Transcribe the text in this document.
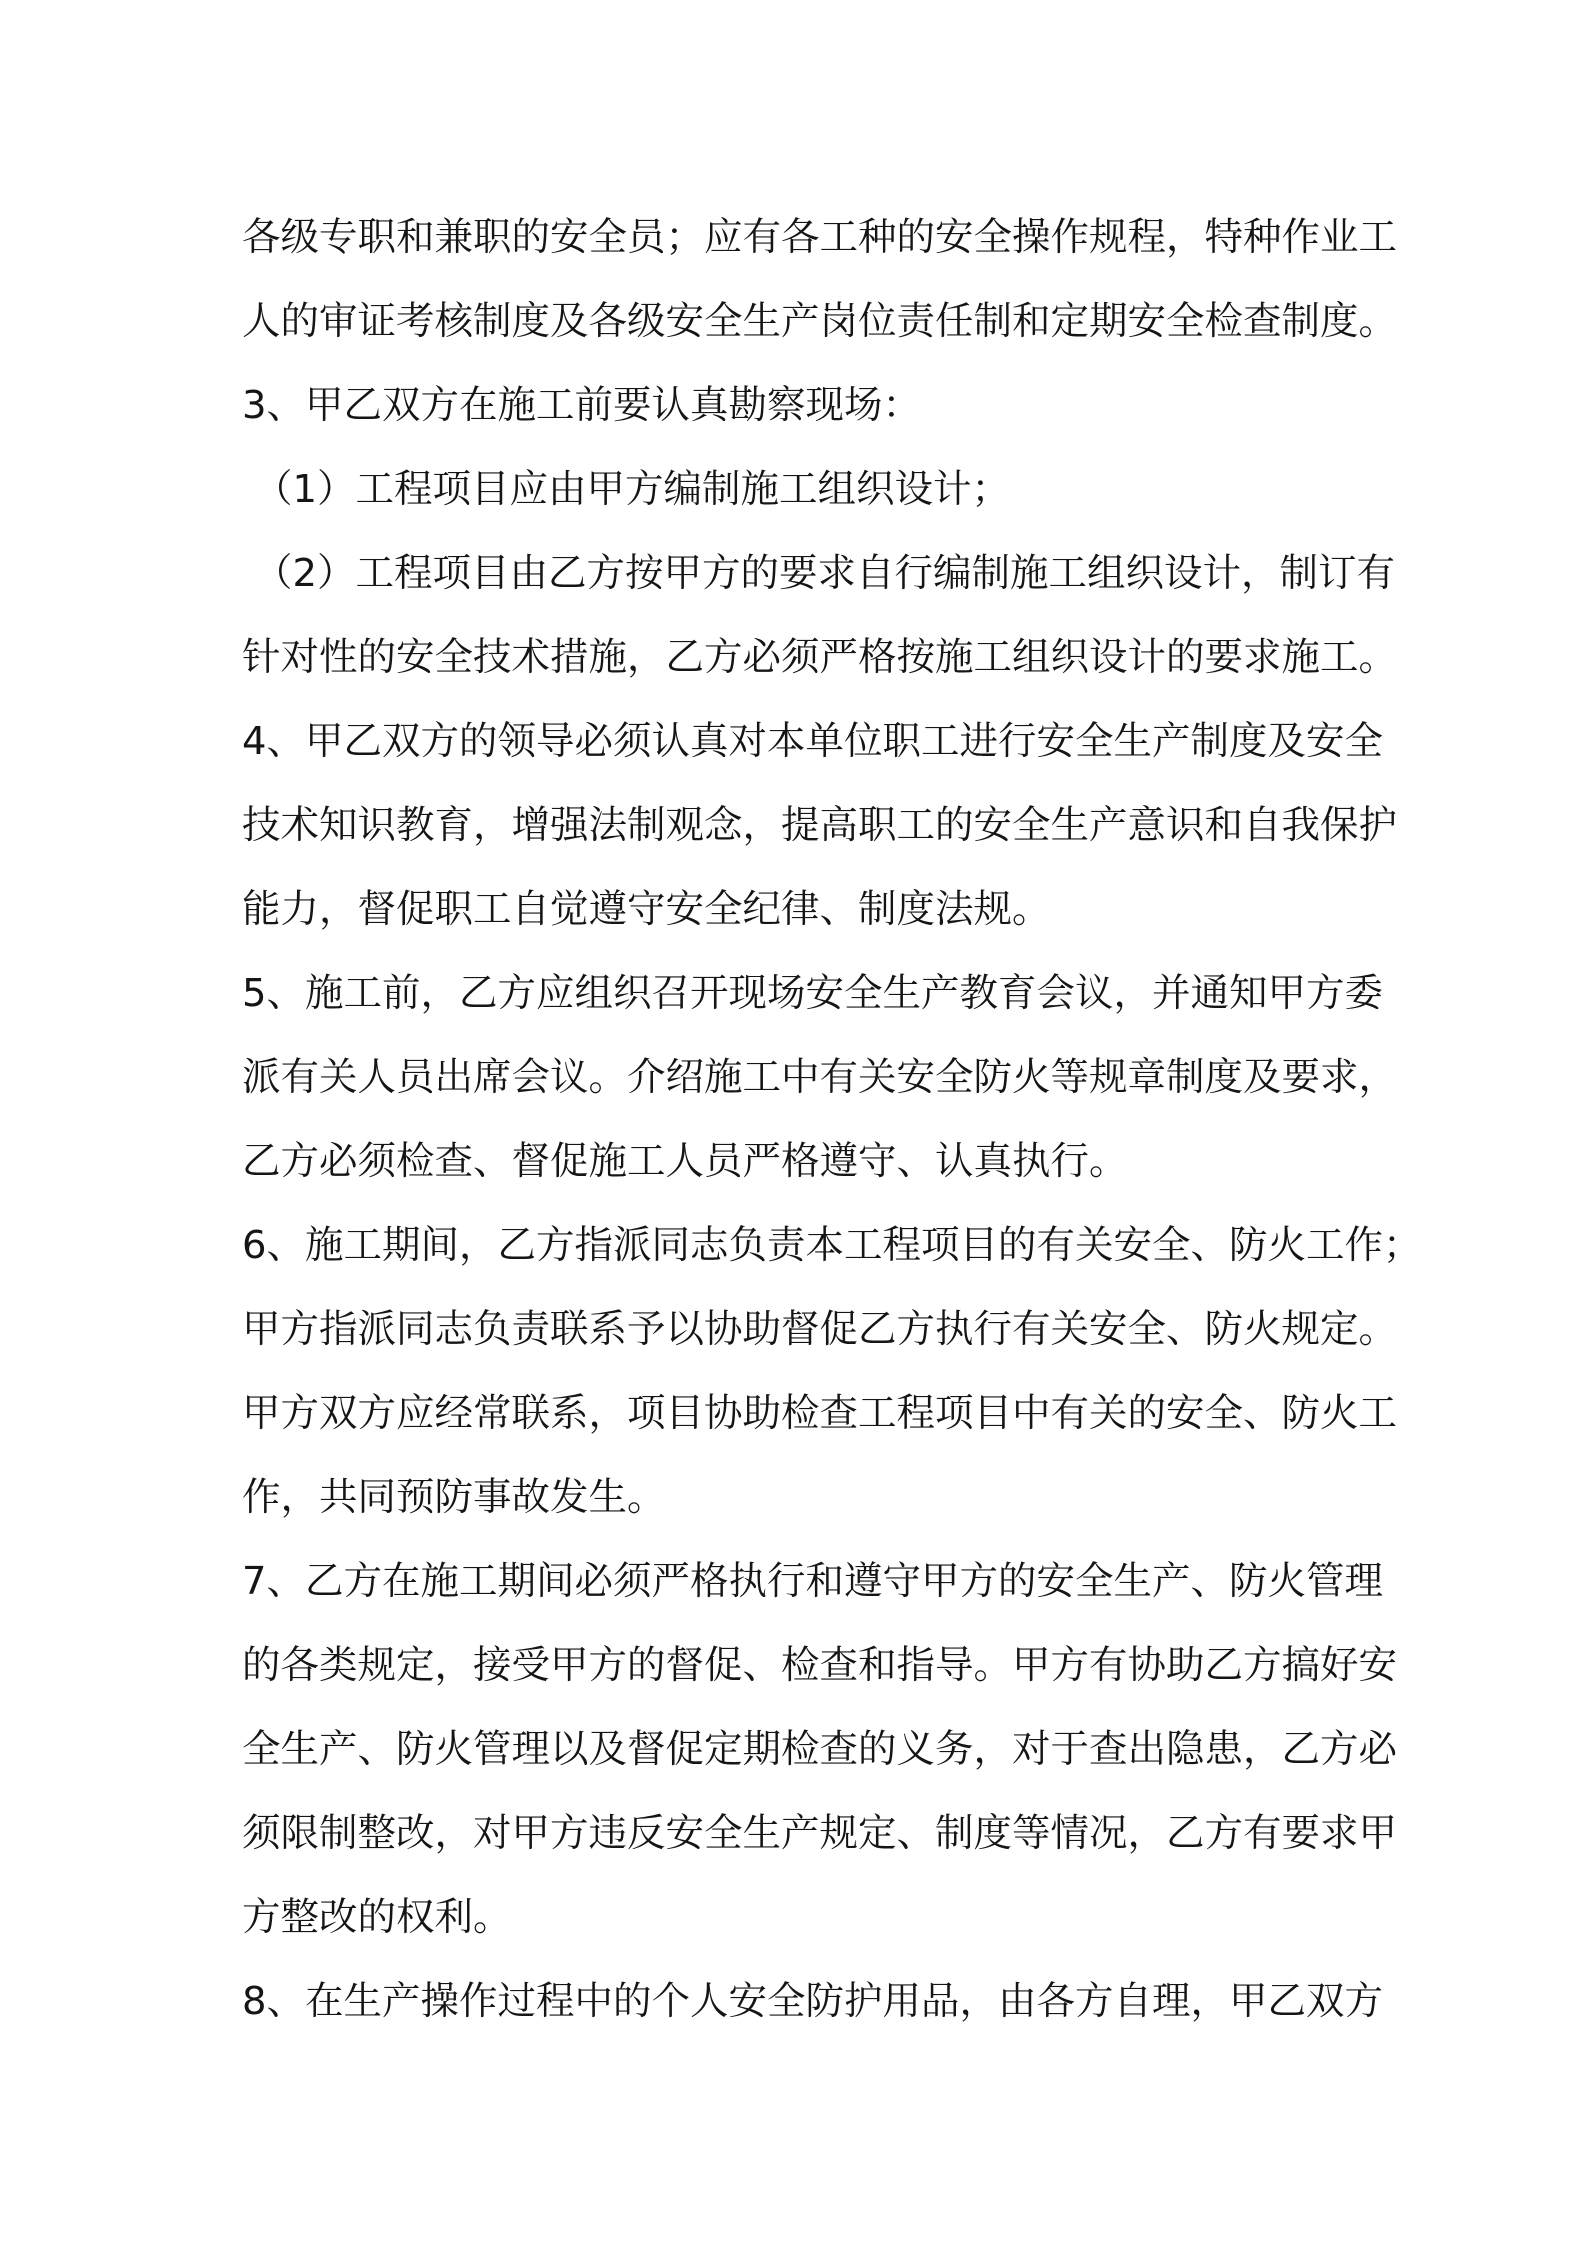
各级专职和兼职的安全员；应有各工种的安全操作规程，特种作业工
人的审证考核制度及各级安全生产岗位责任制和定期安全检查制度。
3、甲乙双方在施工前要认真勘察现场：
（1）工程项目应由甲方编制施工组织设计；
（2）工程项目由乙方按甲方的要求自行编制施工组织设计，制订有
针对性的安全技术措施，乙方必须严格按施工组织设计的要求施工。
4、甲乙双方的领导必须认真对本单位职工进行安全生产制度及安全
技术知识教育，增强法制观念，提高职工的安全生产意识和自我保护
能力，督促职工自觉遵守安全纪律、制度法规。
5、施工前，乙方应组织召开现场安全生产教育会议，并通知甲方委
派有关人员出席会议。介绍施工中有关安全防火等规章制度及要求，
乙方必须检查、督促施工人员严格遵守、认真执行。
6、施工期间，乙方指派同志负责本工程项目的有关安全、防火工作；
甲方指派同志负责联系予以协助督促乙方执行有关安全、防火规定。
甲方双方应经常联系，项目协助检查工程项目中有关的安全、防火工
作，共同预防事故发生。
7、乙方在施工期间必须严格执行和遵守甲方的安全生产、防火管理
的各类规定，接受甲方的督促、检查和指导。甲方有协助乙方搞好安
全生产、防火管理以及督促定期检查的义务，对于查出隐患，乙方必
须限制整改，对甲方违反安全生产规定、制度等情况，乙方有要求甲
方整改的权利。
8、在生产操作过程中的个人安全防护用品，由各方自理，甲乙双方
